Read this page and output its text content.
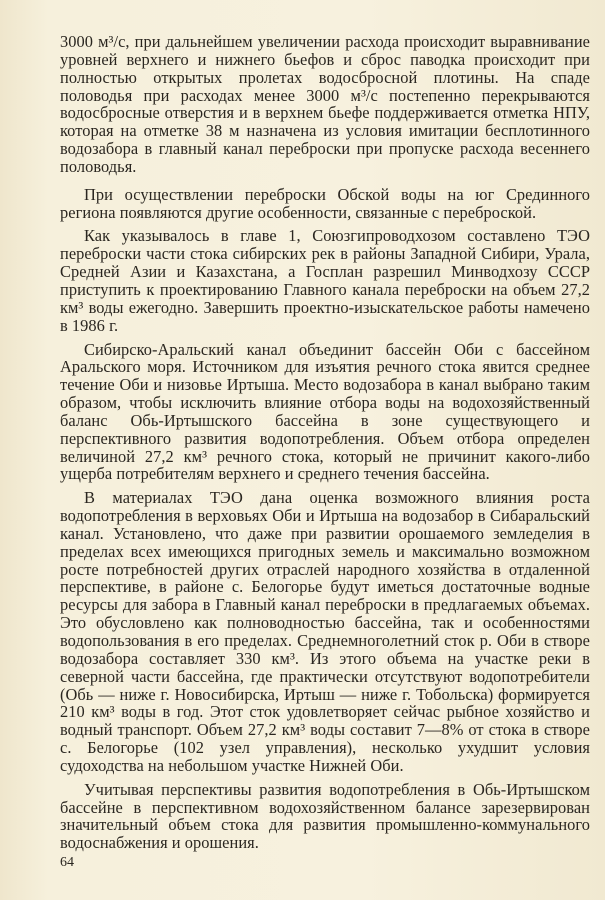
3000 м³/с, при дальнейшем увеличении расхода происходит выравнивание уровней верхнего и нижнего бьефов и сброс паводка происходит при полностью открытых пролетах водосбросной плотины. На спаде половодья при расходах менее 3000 м³/с постепенно перекрываются водосбросные отверстия и в верхнем бьефе поддерживается отметка НПУ, которая на отметке 38 м назначена из условия имитации бесплотинного водозабора в главный канал переброски при пропуске расхода весеннего половодья.

При осуществлении переброски Обской воды на юг Срединного региона появляются другие особенности, связанные с переброской.

Как указывалось в главе 1, Союзгипроводхозом составлено ТЭО переброски части стока сибирских рек в районы Западной Сибири, Урала, Средней Азии и Казахстана, а Госплан разрешил Минводхозу СССР приступить к проектированию Главного канала переброски на объем 27,2 км³ воды ежегодно. Завершить проектно-изыскательское работы намечено в 1986 г.

Сибирско-Аральский канал объединит бассейн Оби с бассейном Аральского моря. Источником для изъятия речного стока явится среднее течение Оби и низовье Иртыша. Место водозабора в канал выбрано таким образом, чтобы исключить влияние отбора воды на водохозяйственный баланс Обь-Иртышского бассейна в зоне существующего и перспективного развития водопотребления. Объем отбора определен величиной 27,2 км³ речного стока, который не причинит какого-либо ущерба потребителям верхнего и среднего течения бассейна.

В материалах ТЭО дана оценка возможного влияния роста водопотребления в верховьях Оби и Иртыша на водозабор в Сибаральский канал. Установлено, что даже при развитии орошаемого земледелия в пределах всех имеющихся пригодных земель и максимально возможном росте потребностей других отраслей народного хозяйства в отдаленной перспективе, в районе с. Белогорье будут иметься достаточные водные ресурсы для забора в Главный канал переброски в предлагаемых объемах. Это обусловлено как полноводностью бассейна, так и особенностями водопользования в его пределах. Среднемноголетний сток р. Оби в створе водозабора составляет 330 км³. Из этого объема на участке реки в северной части бассейна, где практически отсутствуют водопотребители (Обь — ниже г. Новосибирска, Иртыш — ниже г. Тобольска) формируется 210 км³ воды в год. Этот сток удовлетворяет сейчас рыбное хозяйство и водный транспорт. Объем 27,2 км³ воды составит 7—8% от стока в створе с. Белогорье (102 узел управления), несколько ухудшит условия судоходства на небольшом участке Нижней Оби.

Учитывая перспективы развития водопотребления в Обь-Иртышском бассейне в перспективном водохозяйственном балансе зарезервирован значительный объем стока для развития промышленно-коммунального водоснабжения и орошения.

64
